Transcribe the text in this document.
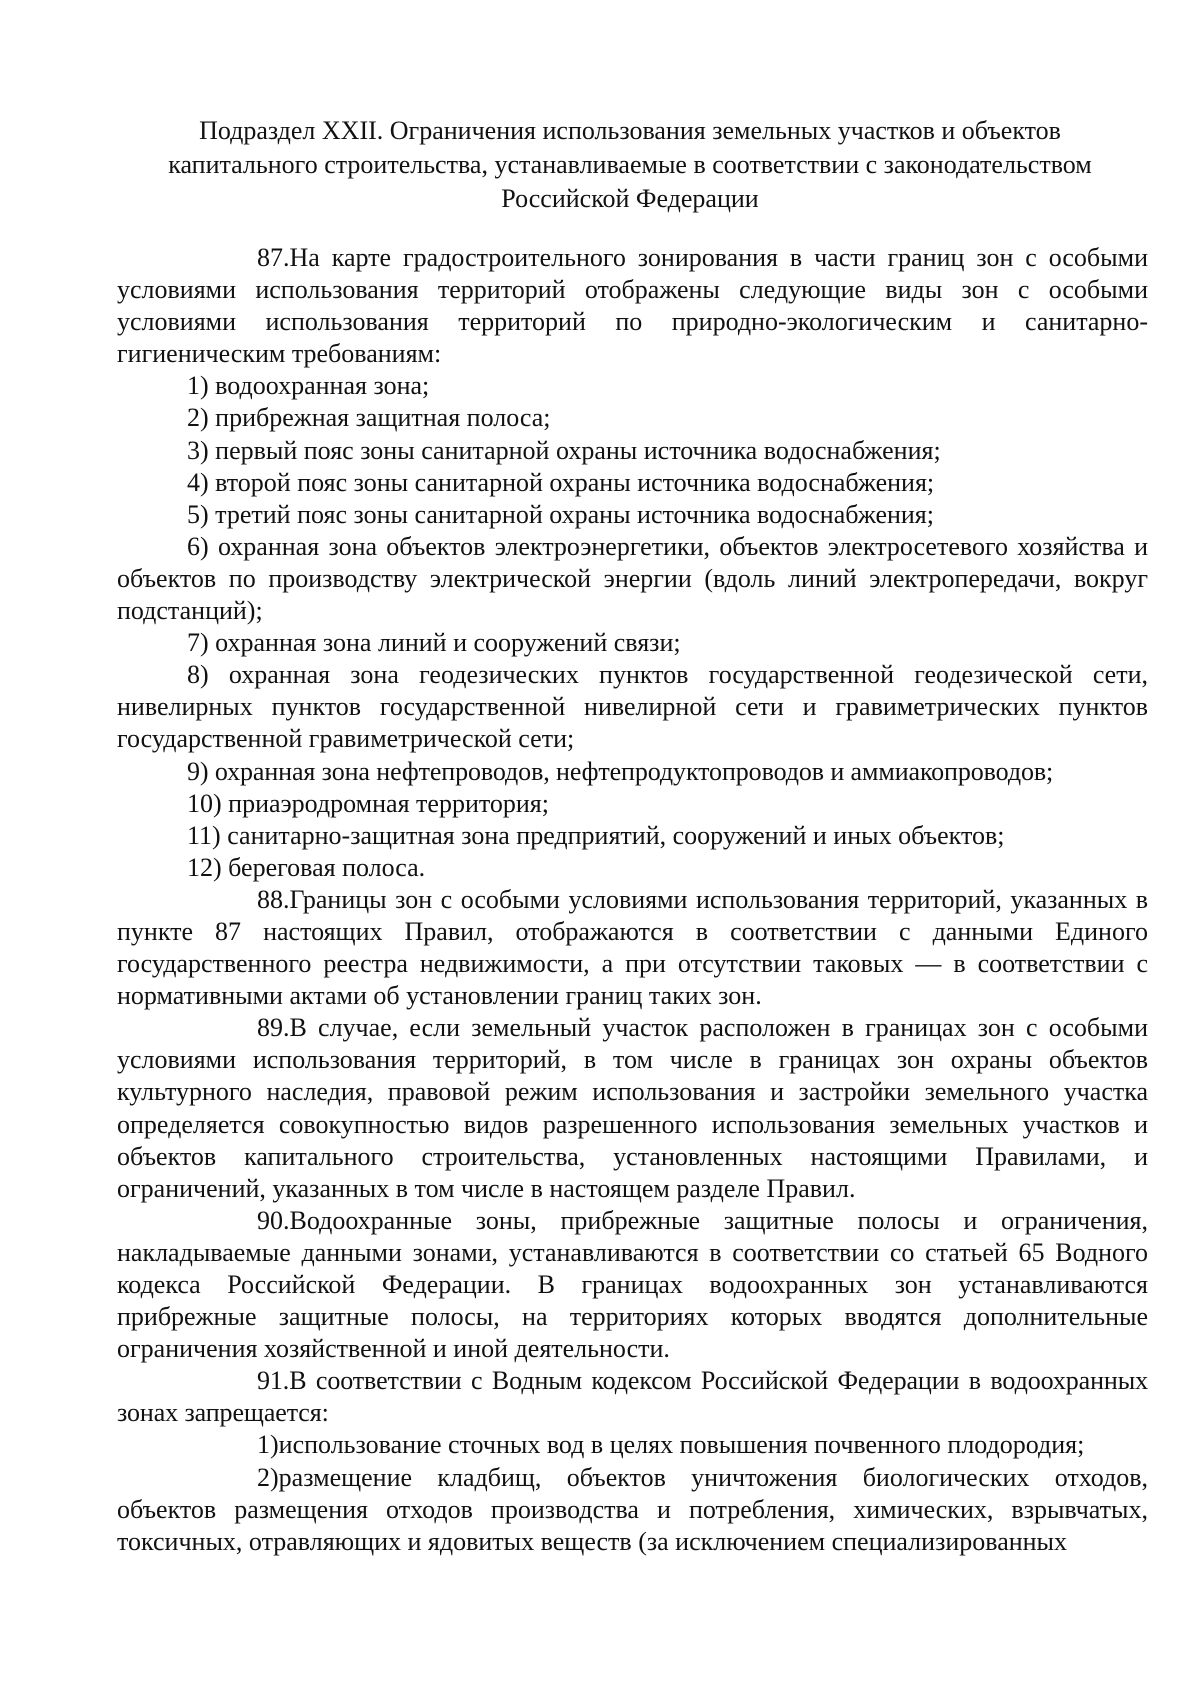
Подраздел XXII. Ограничения использования земельных участков и объектов
капитального строительства, устанавливаемые в соответствии с законодательством
Российской Федерации

87.На карте градостроительного зонирования в части границ зон с особыми условиями использования территорий отображены следующие виды зон с особыми условиями использования территорий по природно-экологическим и санитарно-гигиеническим требованиям:

1) водоохранная зона;

2) прибрежная защитная полоса;

3) первый пояс зоны санитарной охраны источника водоснабжения;

4) второй пояс зоны санитарной охраны источника водоснабжения;

5) третий пояс зоны санитарной охраны источника водоснабжения;

6) охранная зона объектов электроэнергетики, объектов электросетевого хозяйства и объектов по производству электрической энергии (вдоль линий электропередачи, вокруг подстанций);

7) охранная зона линий и сооружений связи;

8) охранная зона геодезических пунктов государственной геодезической сети, нивелирных пунктов государственной нивелирной сети и гравиметрических пунктов государственной гравиметрической сети;

9) охранная зона нефтепроводов, нефтепродуктопроводов и аммиакопроводов;

10) приаэродромная территория;

11) санитарно-защитная зона предприятий, сооружений и иных объектов;

12) береговая полоса.

88.Границы зон с особыми условиями использования территорий, указанных в пункте 87 настоящих Правил, отображаются в соответствии с данными Единого государственного реестра недвижимости, а при отсутствии таковых — в соответствии с нормативными актами об установлении границ таких зон.

89.В случае, если земельный участок расположен в границах зон с особыми условиями использования территорий, в том числе в границах зон охраны объектов культурного наследия, правовой режим использования и застройки земельного участка определяется совокупностью видов разрешенного использования земельных участков и объектов капитального строительства, установленных настоящими Правилами, и ограничений, указанных в том числе в настоящем разделе Правил.

90.Водоохранные зоны, прибрежные защитные полосы и ограничения, накладываемые данными зонами, устанавливаются в соответствии со статьей 65 Водного кодекса Российской Федерации. В границах водоохранных зон устанавливаются прибрежные защитные полосы, на территориях которых вводятся дополнительные ограничения хозяйственной и иной деятельности.

91.В соответствии с Водным кодексом Российской Федерации в водоохранных зонах запрещается:

1)использование сточных вод в целях повышения почвенного плодородия;

2)размещение кладбищ, объектов уничтожения биологических отходов, объектов размещения отходов производства и потребления, химических, взрывчатых, токсичных, отравляющих и ядовитых веществ (за исключением специализированных
